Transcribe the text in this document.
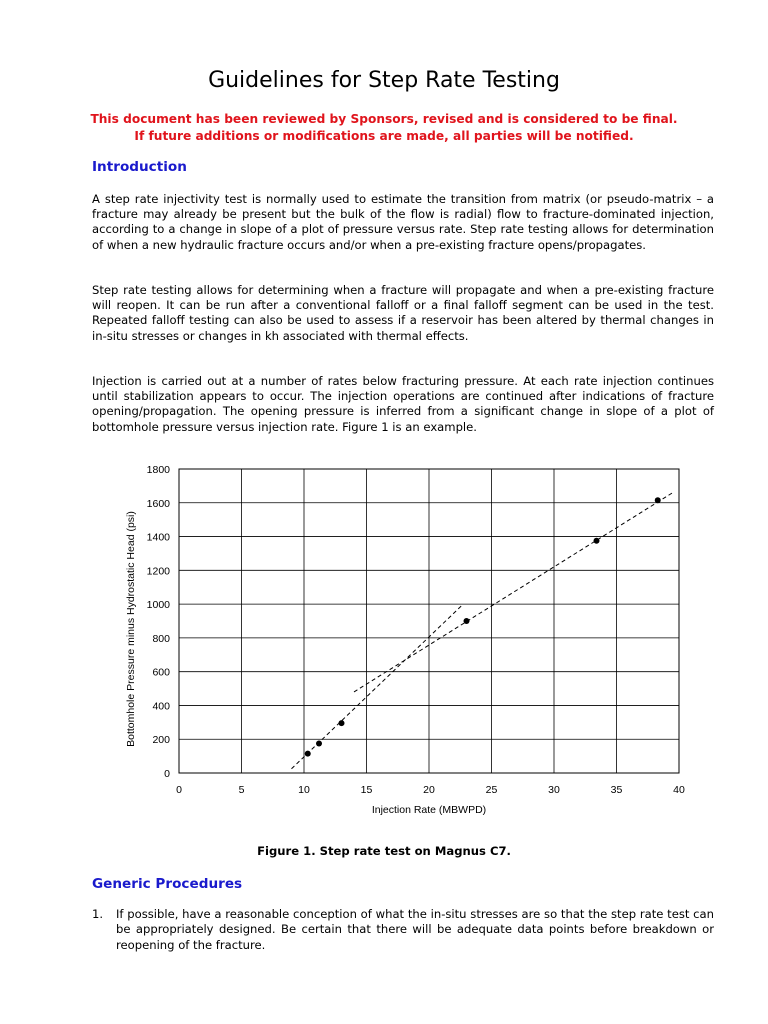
Guidelines for Step Rate Testing
This document has been reviewed by Sponsors, revised and is considered to be final.
If future additions or modifications are made, all parties will be notified.
Introduction

A step rate injectivity test is normally used to estimate the transition from matrix (or pseudo-matrix – a fracture may already be present but the bulk of the flow is radial) flow to fracture-dominated injection, according to a change in slope of a plot of pressure versus rate. Step rate testing allows for determination of when a new hydraulic fracture occurs and/or when a pre-existing fracture opens/propagates.

Step rate testing allows for determining when a fracture will propagate and when a pre-existing fracture will reopen. It can be run after a conventional falloff or a final falloff segment can be used in the test. Repeated falloff testing can also be used to assess if a reservoir has been altered by thermal changes in in-situ stresses or changes in kh associated with thermal effects.

Injection is carried out at a number of rates below fracturing pressure. At each rate injection continues until stabilization appears to occur. The injection operations are continued after indications of fracture opening/propagation. The opening pressure is inferred from a significant change in slope of a plot of bottomhole pressure versus injection rate. Figure 1 is an example.

0	5	10	15	20	25	30	35	40
0
200
400
600
800
1000
1200
1400
1600
1800
Injection Rate (MBWPD)
Bottomhole Pressure minus Hydrostatic Head (psi)
Figure 1. Step rate test on Magnus C7.
Generic Procedures
1. If possible, have a reasonable conception of what the in-situ stresses are so that the step rate test can be appropriately designed. Be certain that there will be adequate data points before breakdown or reopening of the fracture.
